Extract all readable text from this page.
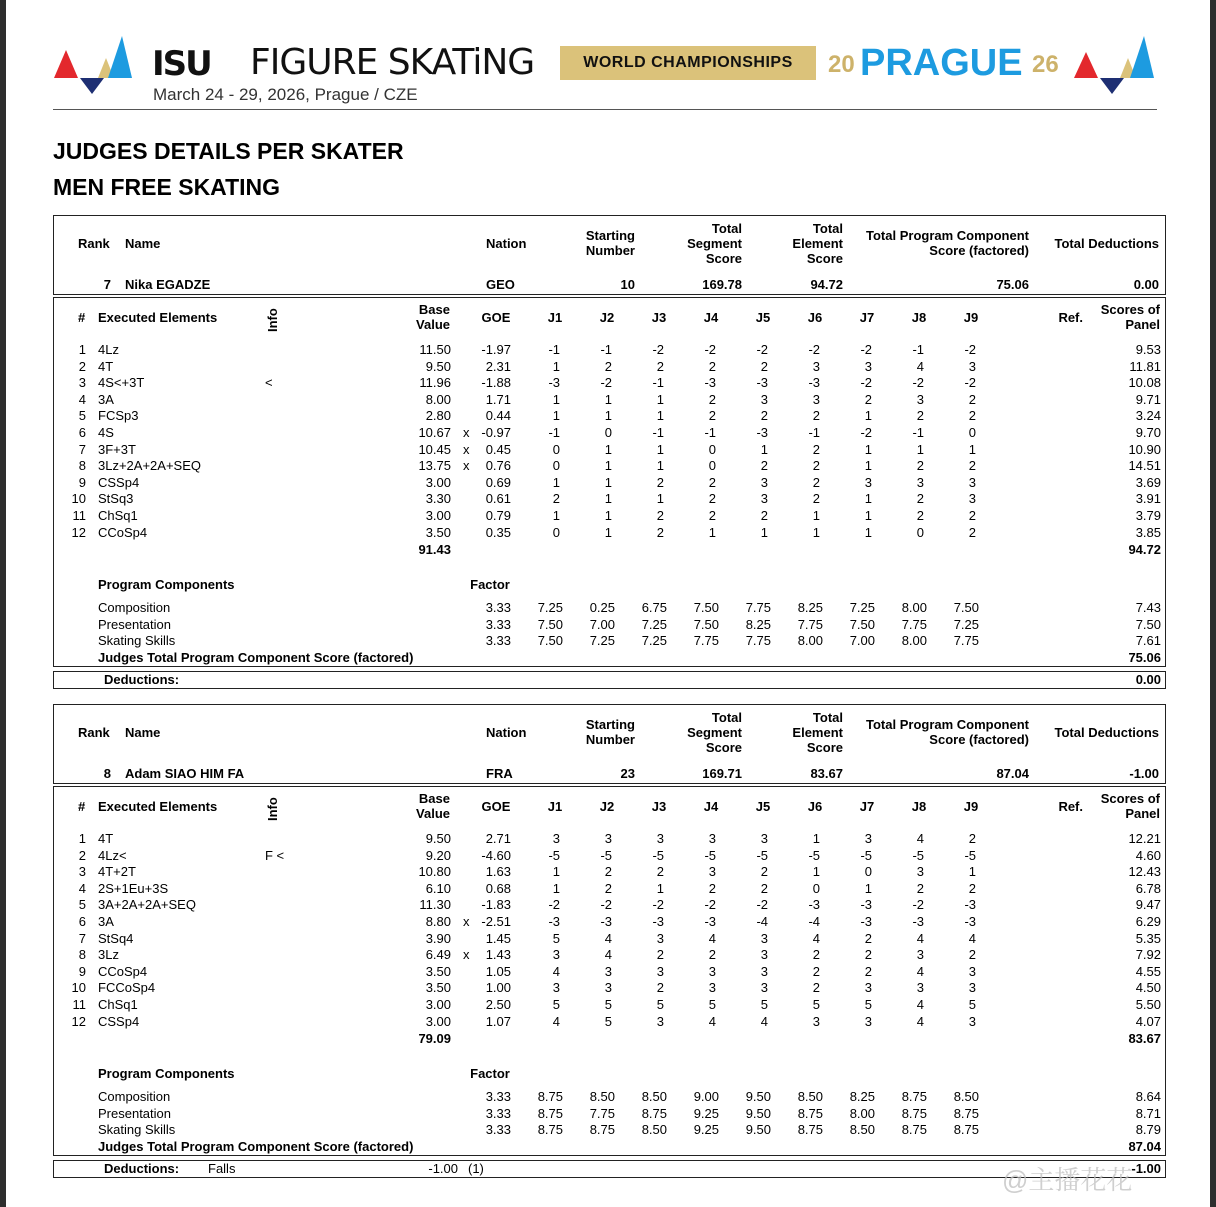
ISU FIGURE SKATiNG
March 24 - 29, 2026, Prague / CZE
WORLD CHAMPIONSHIPS 20 PRAGUE 26
JUDGES DETAILS PER SKATER
MEN FREE SKATING
Rank Name	Nation
Starting
Number
Total
Segment
Score
Total
Element
Score
Total Program Component
Score (factored)	Total Deductions
7 Nika EGADZE	GEO	10	169.78	94.72	75.06	0.00
# Executed Elements	Info	Base
Value	GOE	J1	J2	J3	J4	J5	J6	J7	J8	J9	Ref.
Scores of
Panel
1 4Lz	11.50	-1.97	-1	-1	-2	-2	-2	-2	-2	-1	-2	9.53
2 4T	9.50	2.31	1	2	2	2	2	3	3	4	3	11.81
3 4S<+3T	<	11.96	-1.88	-3	-2	-1	-3	-3	-3	-2	-2	-2	10.08
4 3A	8.00	1.71	1	1	1	2	3	3	2	3	2	9.71
5 FCSp3	2.80	0.44	1	1	1	2	2	2	1	2	2	3.24
6 4S	10.67 x -0.97	-1	0	-1	-1	-3	-1	-2	-1	0	9.70
7 3F+3T	10.45 x	0.45	0	1	1	0	1	2	1	1	1	10.90
8 3Lz+2A+2A+SEQ	13.75 x	0.76	0	1	1	0	2	2	1	2	2	14.51
9 CSSp4	3.00	0.69	1	1	2	2	3	2	3	3	3	3.69
10 StSq3	3.30	0.61	2	1	1	2	3	2	1	2	3	3.91
11 ChSq1	3.00	0.79	1	1	2	2	2	1	1	2	2	3.79
12 CCoSp4	3.50	0.35	0	1	2	1	1	1	1	0	2	3.85
91.43	94.72
Program Components	Factor
Composition	3.33	7.25	0.25	6.75	7.50	7.75	8.25	7.25	8.00	7.50	7.43
Presentation	3.33	7.50	7.00	7.25	7.50	8.25	7.75	7.50	7.75	7.25	7.50
Skating Skills	3.33	7.50	7.25	7.25	7.75	7.75	8.00	7.00	8.00	7.75	7.61
Judges Total Program Component Score (factored)	75.06
Deductions:	0.00
Rank Name	Nation
Starting
Number
Total
Segment
Score
Total
Element
Score
Total Program Component
Score (factored)	Total Deductions
8 Adam SIAO HIM FA	FRA	23	169.71	83.67	87.04	-1.00
# Executed Elements	Info	Base
Value	GOE	J1	J2	J3	J4	J5	J6	J7	J8	J9	Ref.
Scores of
Panel
1 4T	9.50	2.71	3	3	3	3	3	1	3	4	2	12.21
2 4Lz<	F <	9.20	-4.60	-5	-5	-5	-5	-5	-5	-5	-5	-5	4.60
3 4T+2T	10.80	1.63	1	2	2	3	2	1	0	3	1	12.43
4 2S+1Eu+3S	6.10	0.68	1	2	1	2	2	0	1	2	2	6.78
5 3A+2A+2A+SEQ	11.30	-1.83	-2	-2	-2	-2	-2	-3	-3	-2	-3	9.47
6 3A	8.80 x -2.51	-3	-3	-3	-3	-4	-4	-3	-3	-3	6.29
7 StSq4	3.90	1.45	5	4	3	4	3	4	2	4	4	5.35
8 3Lz	6.49 x	1.43	3	4	2	2	3	2	2	3	2	7.92
9 CCoSp4	3.50	1.05	4	3	3	3	3	2	2	4	3	4.55
10 FCCoSp4	3.50	1.00	3	3	2	3	3	2	3	3	3	4.50
11 ChSq1	3.00	2.50	5	5	5	5	5	5	5	4	5	5.50
12 CSSp4	3.00	1.07	4	5	3	4	4	3	3	4	3	4.07
79.09	83.67
Program Components	Factor
Composition	3.33	8.75	8.50	8.50	9.00	9.50	8.50	8.25	8.75	8.50	8.64
Presentation	3.33	8.75	7.75	8.75	9.25	9.50	8.75	8.00	8.75	8.75	8.71
Skating Skills	3.33	8.75	8.75	8.50	9.25	9.50	8.75	8.50	8.75	8.75	8.79
Judges Total Program Component Score (factored)	87.04
Deductions: Falls	-1.00 (1)	-1.00
@主播花花
